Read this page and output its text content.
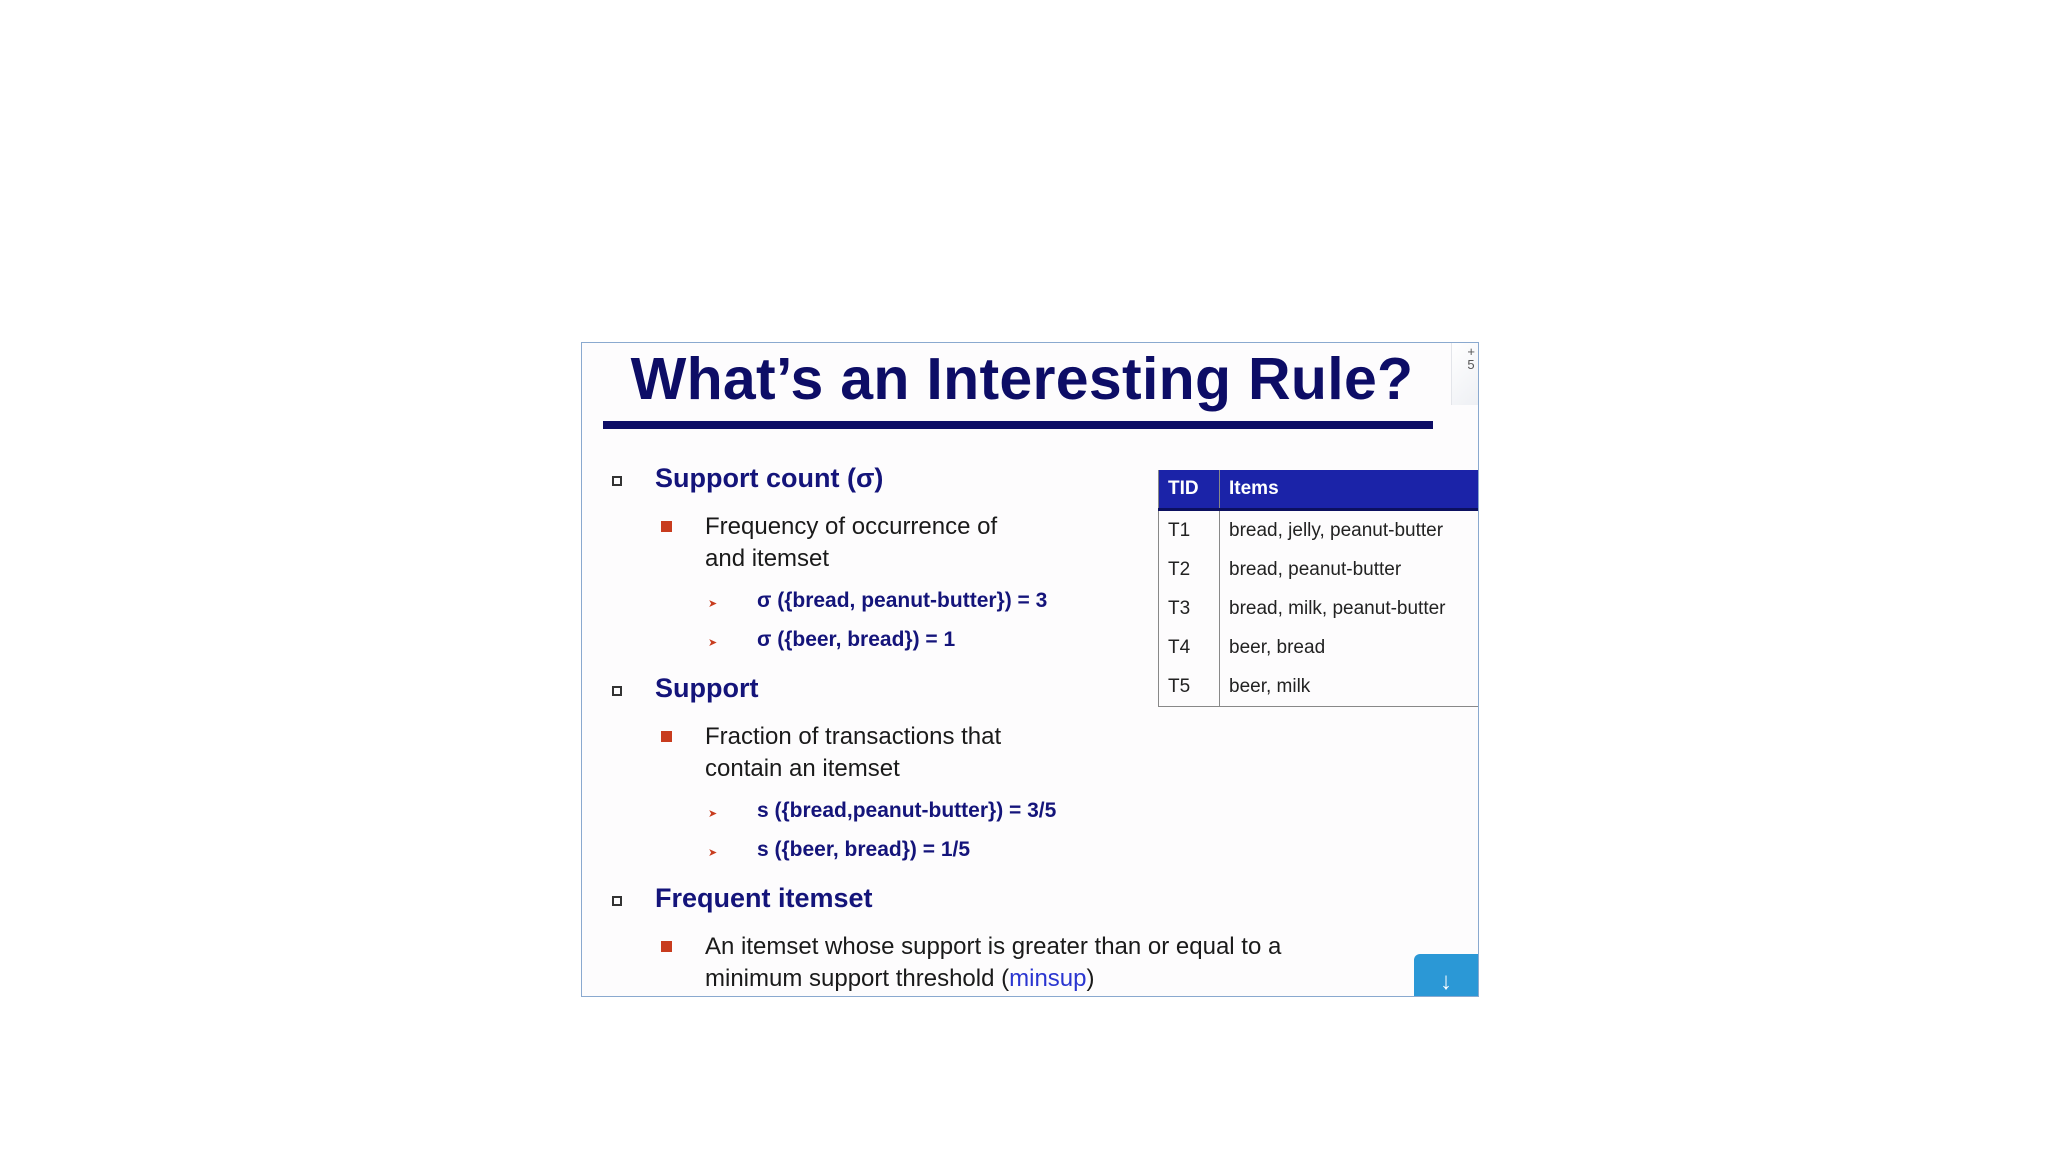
What’s an Interesting Rule?	+
5
Support count (σ)
Frequency of occurrence of
and itemset
➤ σ ({bread, peanut-butter}) = 3
➤ σ ({beer, bread}) = 1
Support
Fraction of transactions that
contain an itemset
➤ s ({bread,peanut-butter}) = 3/5
➤ s ({beer, bread}) = 1/5
Frequent itemset
An itemset whose support is greater than or equal to a
minimum support threshold (minsup)
TID	Items
T1	bread, jelly, peanut-butter
T2	bread, peanut-butter
T3	bread, milk, peanut-butter
T4	beer, bread
T5	beer, milk
↓
